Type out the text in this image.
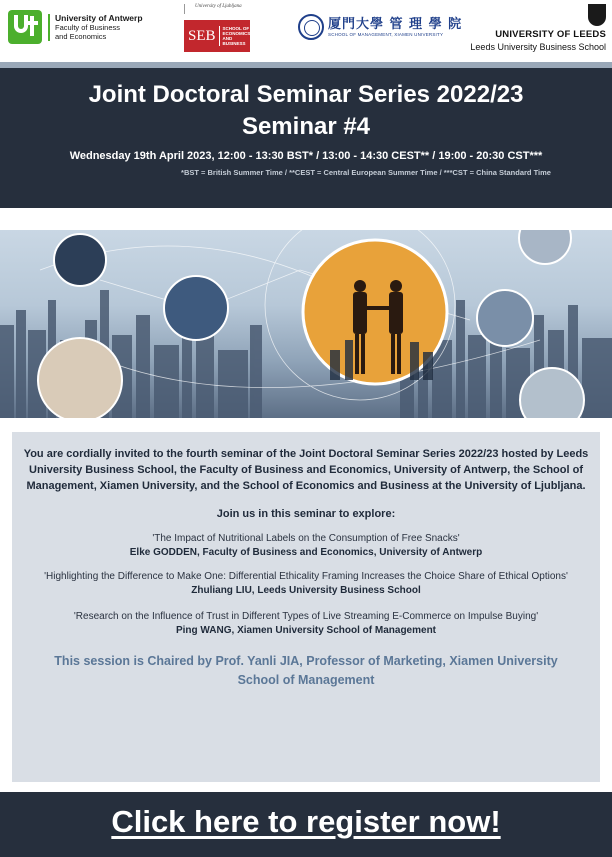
University of Antwerp
Faculty of Business
and Economics
University of Ljubljana
SEB	SCHOOL OF
ECONOMICS
AND BUSINESS
厦門大學 管 理 學 院
SCHOOL OF MANAGEMENT, XIAMEN UNIVERSITY	UNIVERSITY OF LEEDS
Leeds University Business School
Joint Doctoral Seminar Series 2022/23
Seminar #4
Wednesday 19th April 2023, 12:00 - 13:30 BST* / 13:00 - 14:30 CEST** / 19:00 - 20:30 CST***
*BST = British Summer Time / **CEST = Central European Summer Time / ***CST = China Standard Time
You are cordially invited to the fourth seminar of the Joint Doctoral Seminar Series 2022/23 hosted by Leeds University Business School, the Faculty of Business and Economics, University of Antwerp, the School of Management, Xiamen University, and the School of Economics and Business at the University of Ljubljana.
Join us in this seminar to explore:
'The Impact of Nutritional Labels on the Consumption of Free Snacks'
Elke GODDEN, Faculty of Business and Economics, University of Antwerp
'Highlighting the Difference to Make One: Differential Ethicality Framing Increases the Choice Share of Ethical Options'
Zhuliang LIU, Leeds University Business School
'Research on the Influence of Trust in Different Types of Live Streaming E-Commerce on Impulse Buying'
Ping WANG, Xiamen University School of Management
This session is Chaired by Prof. Yanli JIA, Professor of Marketing, Xiamen University School of Management
Click here to register now!
